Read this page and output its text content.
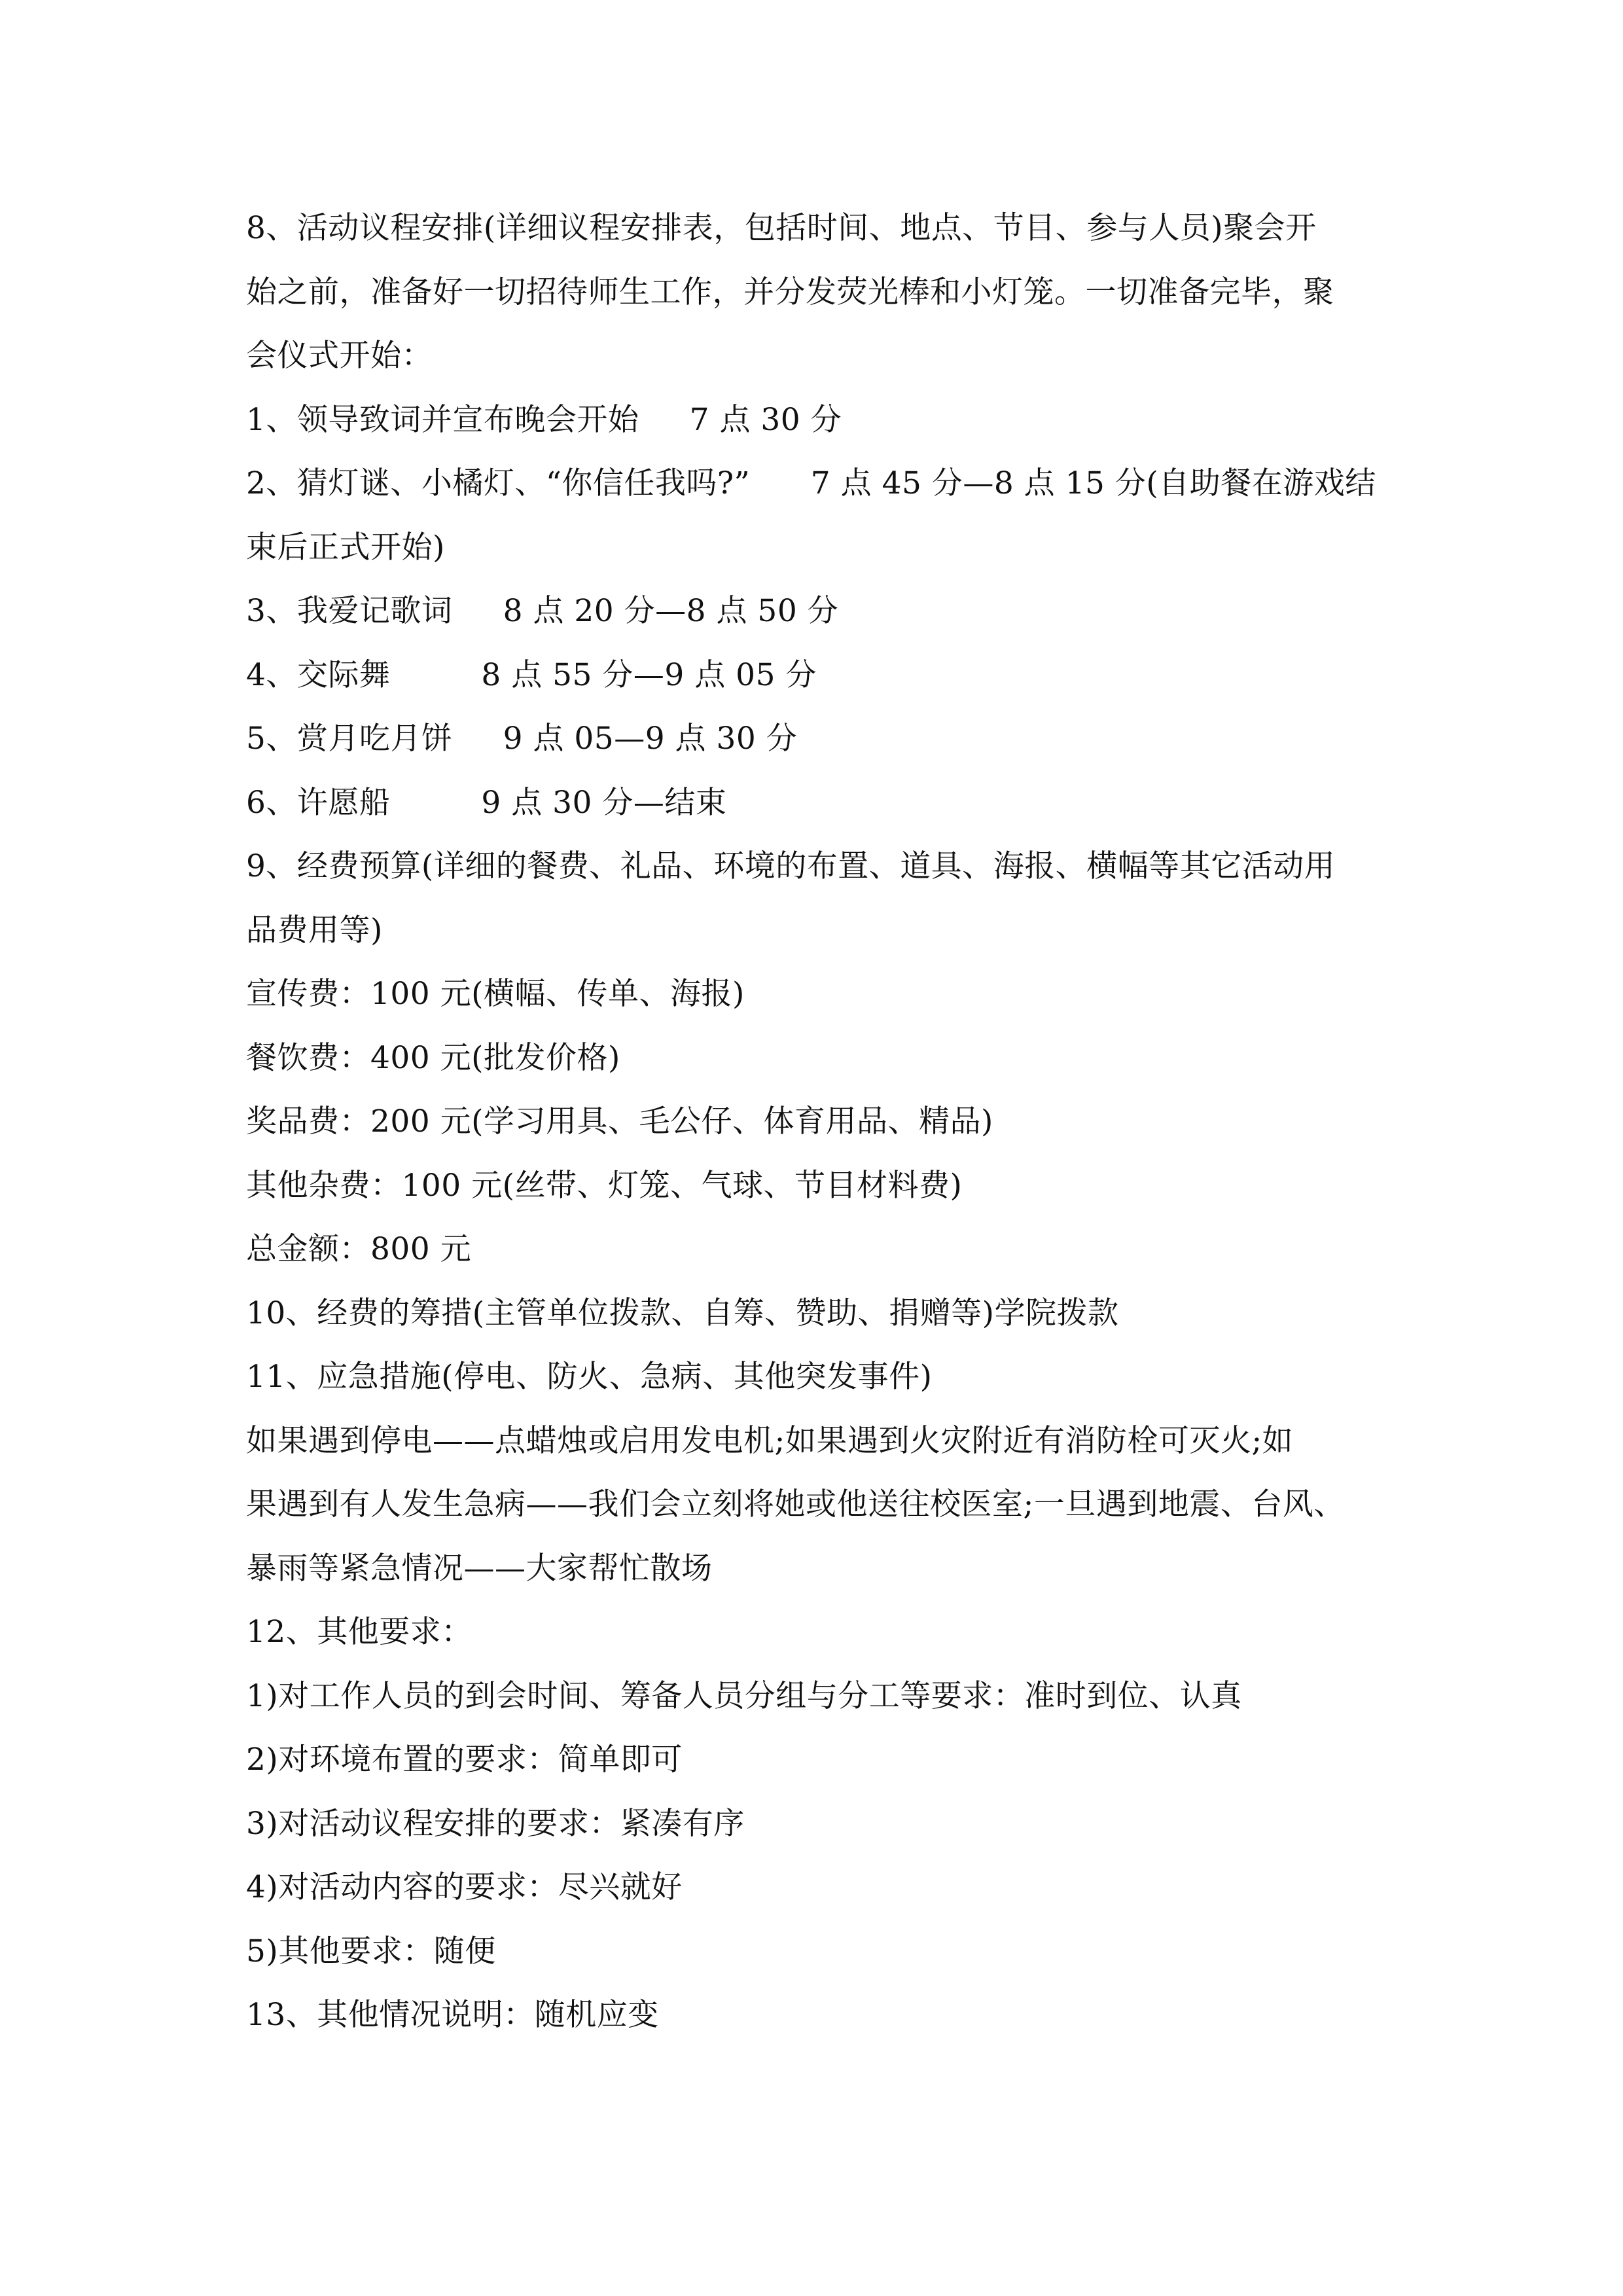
8、活动议程安排(详细议程安排表，包括时间、地点、节目、参与人员)聚会开
始之前，准备好一切招待师生工作，并分发荧光棒和小灯笼。一切准备完毕，聚
会仪式开始：
1、领导致词并宣布晚会开始     7 点 30 分
2、猜灯谜、小橘灯、“你信任我吗?”      7 点 45 分—8 点 15 分(自助餐在游戏结
束后正式开始)
3、我爱记歌词     8 点 20 分—8 点 50 分
4、交际舞         8 点 55 分—9 点 05 分
5、赏月吃月饼     9 点 05—9 点 30 分
6、许愿船         9 点 30 分—结束
9、经费预算(详细的餐费、礼品、环境的布置、道具、海报、横幅等其它活动用
品费用等)
宣传费：100 元(横幅、传单、海报)
餐饮费：400 元(批发价格)
奖品费：200 元(学习用具、毛公仔、体育用品、精品)
其他杂费：100 元(丝带、灯笼、气球、节目材料费)
总金额：800 元
10、经费的筹措(主管单位拨款、自筹、赞助、捐赠等)学院拨款
11、应急措施(停电、防火、急病、其他突发事件)
如果遇到停电——点蜡烛或启用发电机;如果遇到火灾附近有消防栓可灭火;如
果遇到有人发生急病——我们会立刻将她或他送往校医室;一旦遇到地震、台风、
暴雨等紧急情况——大家帮忙散场
12、其他要求：
1)对工作人员的到会时间、筹备人员分组与分工等要求：准时到位、认真
2)对环境布置的要求：简单即可
3)对活动议程安排的要求：紧凑有序
4)对活动内容的要求：尽兴就好
5)其他要求：随便
13、其他情况说明：随机应变
